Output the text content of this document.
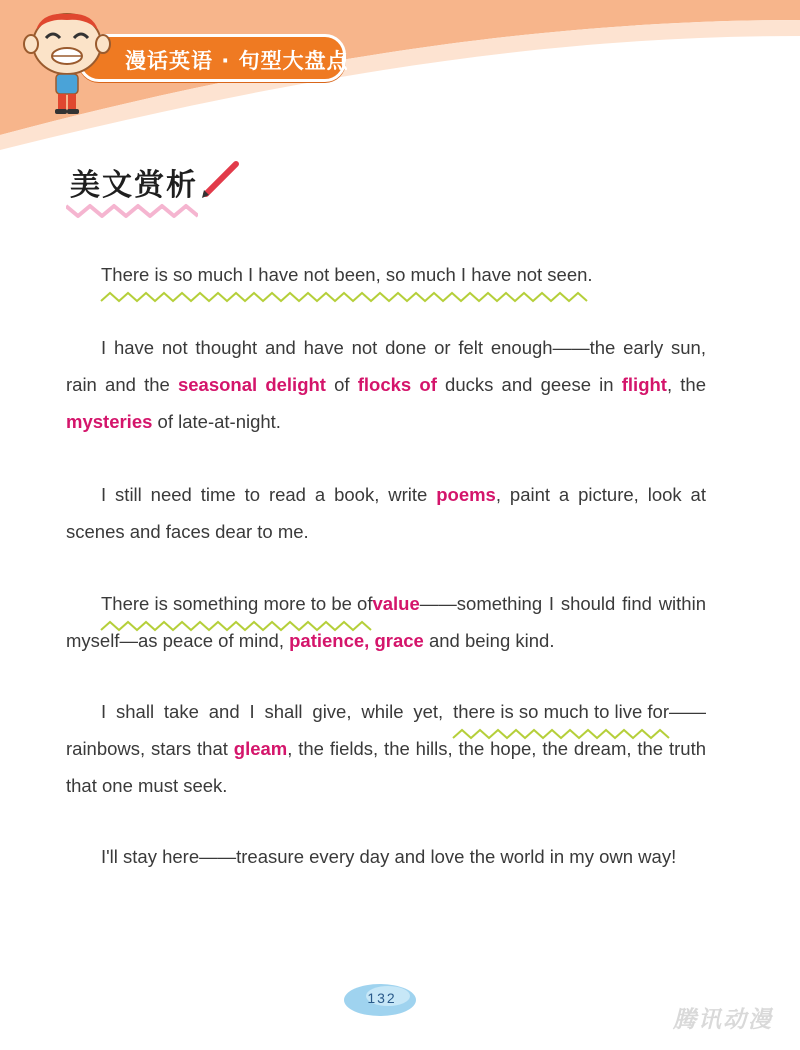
漫话英语 · 句型大盘点
美文赏析

There is so much I have not been, so much I have not seen.

I have not thought and have not done or felt enough——the early sun, rain and the seasonal delight of flocks of ducks and geese in flight, the mysteries of late-at-night.

I still need time to read a book, write poems, paint a picture, look at scenes and faces dear to me.

There is something more to be of
value——something I should find within myself—as peace of mind, patience, grace and being kind.

I shall take and I shall give, while yet, there is so much to live for
——rainbows, stars that gleam, the fields, the hills, the hope, the dream, the truth that one must seek.

I'll stay here——treasure every day and love the world in my own way!

132
腾讯动漫
